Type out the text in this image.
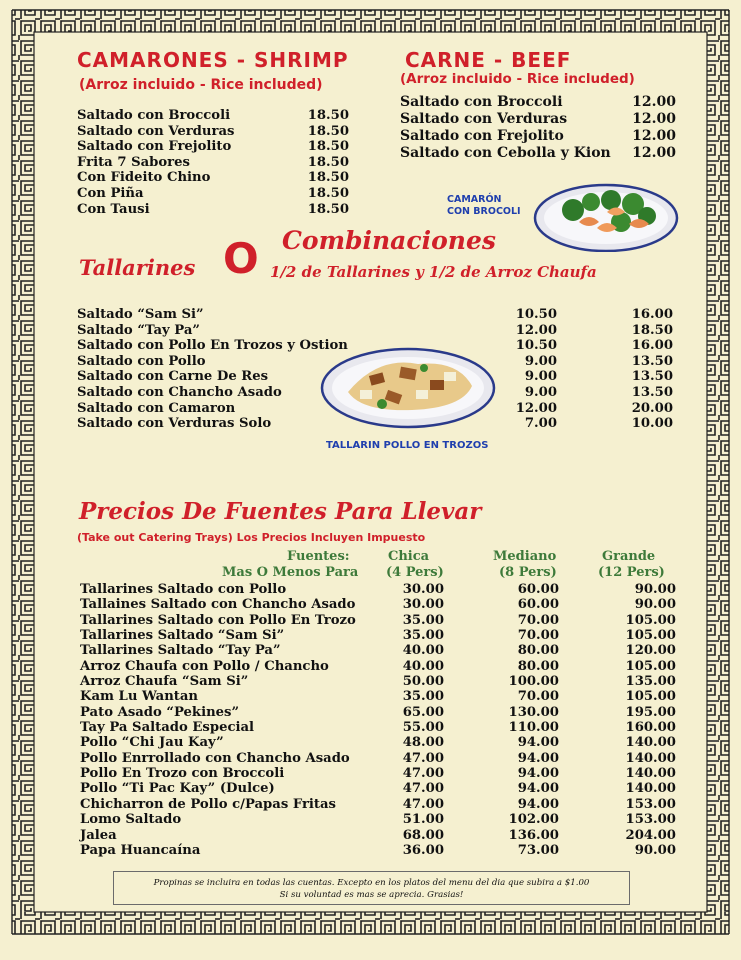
CAMARONES - SHRIMP
(Arroz incluido - Rice included)
Saltado con Broccoli	18.50
Saltado con Verduras	18.50
Saltado con Frejolito	18.50
Frita 7 Sabores	18.50
Con Fideito Chino	18.50
Con Piña	18.50
Con Tausi	18.50
CARNE - BEEF
(Arroz incluido - Rice included)
Saltado con Broccoli	12.00
Saltado con Verduras	12.00
Saltado con Frejolito	12.00
Saltado con Cebolla y Kion 12.00
CAMARÓN
CON BROCOLI
Combinaciones
Tallarines O 1/2 de Tallarines y 1/2 de Arroz Chaufa
Saltado “Sam Si”	10.50	16.00
Saltado “Tay Pa”	12.00	18.50
Saltado con Pollo En Trozos y Ostion	10.50	16.00
Saltado con Pollo	9.00	13.50
Saltado con Carne De Res	9.00	13.50
Saltado con Chancho Asado	9.00	13.50
Saltado con Camaron	12.00	20.00
Saltado con Verduras Solo	7.00	10.00
TALLARIN POLLO EN TROZOS
Precios De Fuentes Para Llevar
(Take out Catering Trays) Los Precios Incluyen Impuesto
Fuentes:
Mas O Menos Para
Chica
(4 Pers)
Mediano
(8 Pers)
Grande
(12 Pers)
Tallarines Saltado con Pollo	30.00	60.00	90.00
Tallaines Saltado con Chancho Asado	30.00	60.00	90.00
Tallarines Saltado con Pollo En Trozo	35.00	70.00	105.00
Tallarines Saltado “Sam Si”	35.00	70.00	105.00
Tallarines Saltado “Tay Pa”	40.00	80.00	120.00
Arroz Chaufa con Pollo / Chancho	40.00	80.00	105.00
Arroz Chaufa “Sam Si”	50.00	100.00	135.00
Kam Lu Wantan	35.00	70.00	105.00
Pato Asado “Pekines”	65.00	130.00	195.00
Tay Pa Saltado Especial	55.00	110.00	160.00
Pollo “Chi Jau Kay”	48.00	94.00	140.00
Pollo Enrrollado con Chancho Asado	47.00	94.00	140.00
Pollo En Trozo con Broccoli	47.00	94.00	140.00
Pollo “Ti Pac Kay” (Dulce)	47.00	94.00	140.00
Chicharron de Pollo c/Papas Fritas	47.00	94.00	153.00
Lomo Saltado	51.00	102.00	153.00
Jalea	68.00	136.00	204.00
Papa Huancaína	36.00	73.00	90.00
Propinas se incluira en todas las cuentas. Excepto en los platos del menu del dia que subira a $1.00
Si su voluntad es mas se aprecia. Grasias!
